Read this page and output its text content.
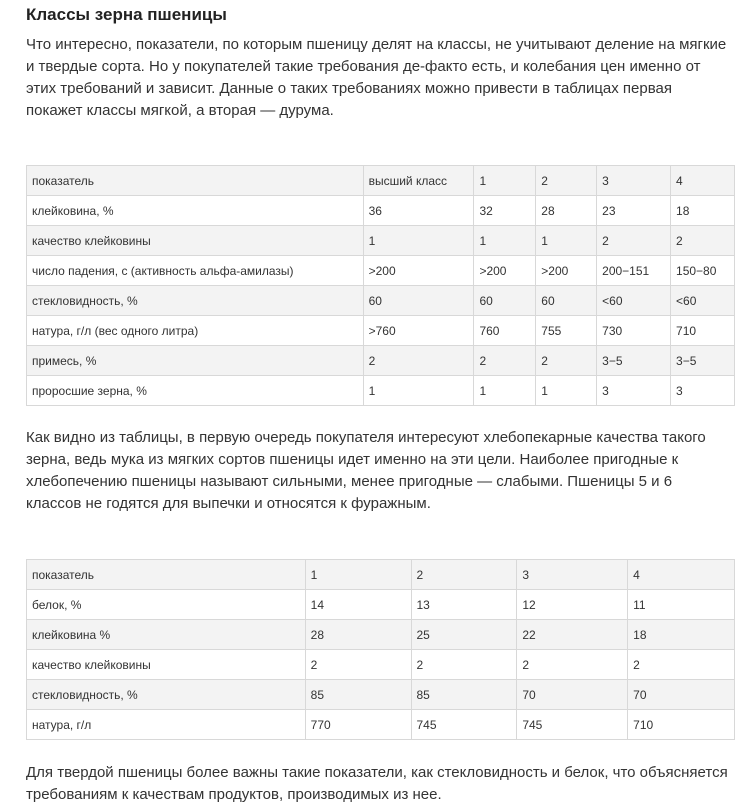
Классы зерна пшеницы

Что интересно, показатели, по которым пшеницу делят на классы, не учитывают деление на мягкие и твердые сорта. Но у покупателей такие требования де-факто есть, и колебания цен именно от этих требований и зависит. Данные о таких требованиях можно привести в таблицах первая покажет классы мягкой, а вторая — дурума.

показатель	высший класс	1	2	3	4
клейковина, %	36	32	28	23	18
качество клейковины	1	1	1	2	2
число падения, с (активность альфа-амилазы)	>200	>200	>200	200−151	150−80
стекловидность, %	60	60	60	<60	<60
натура, г/л (вес одного литра)	>760	760	755	730	710
примесь, %	2	2	2	3−5	3−5
проросшие зерна, %	1	1	1	3	3

Как видно из таблицы, в первую очередь покупателя интересуют хлебопекарные качества такого зерна, ведь мука из мягких сортов пшеницы идет именно на эти цели. Наиболее пригодные к хлебопечению пшеницы называют сильными, менее пригодные — слабыми. Пшеницы 5 и 6 классов не годятся для выпечки и относятся к фуражным.

показатель	1	2	3	4
белок, %	14	13	12	11
клейковина %	28	25	22	18
качество клейковины	2	2	2	2
стекловидность, %	85	85	70	70
натура, г/л	770	745	745	710

Для твердой пшеницы более важны такие показатели, как стекловидность и белок, что объясняется требованиям к качествам продуктов, производимых из нее.
